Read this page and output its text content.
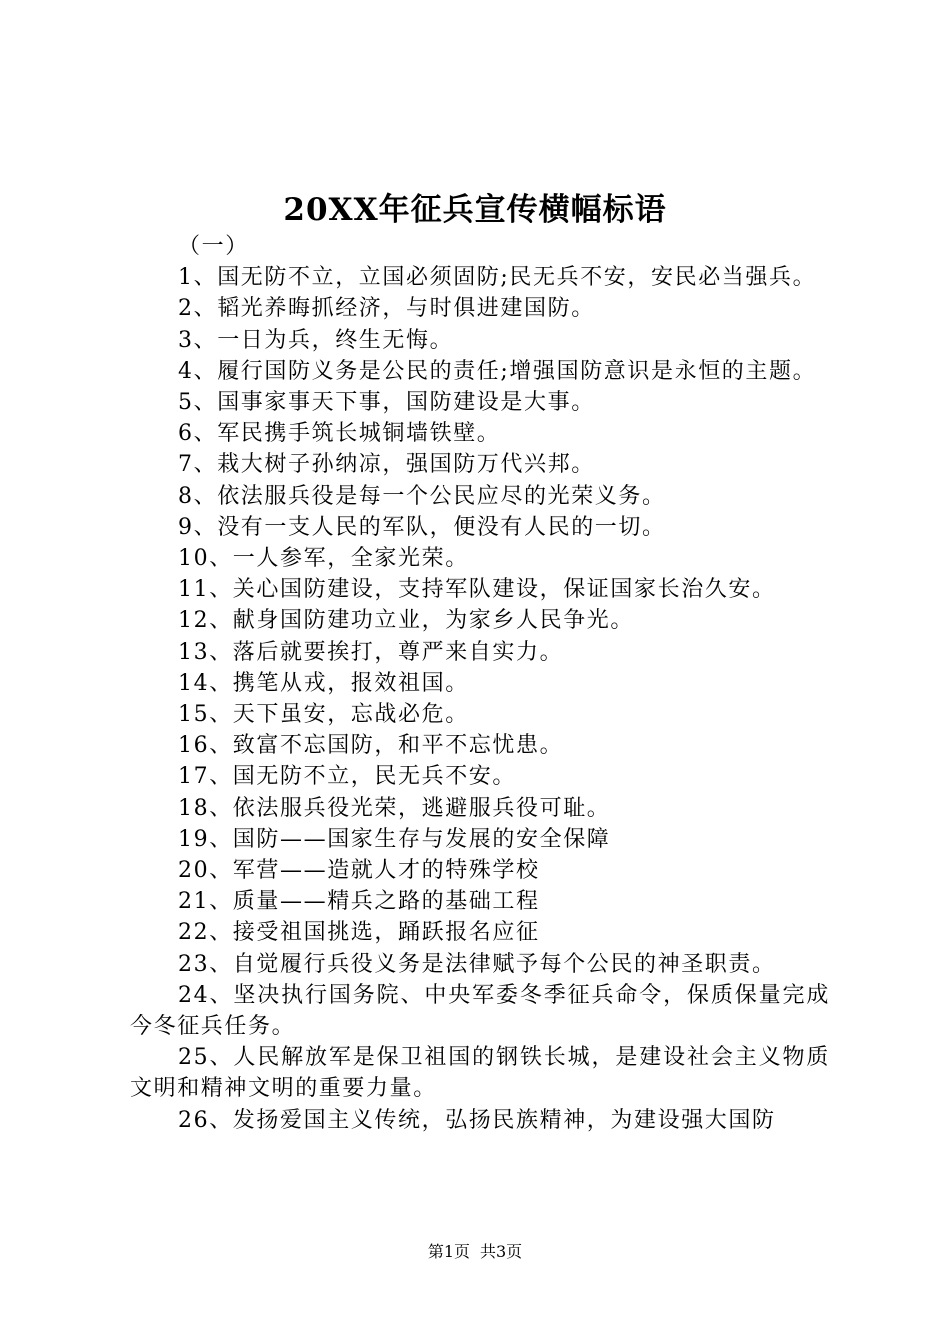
20XX年征兵宣传横幅标语

（一）

1、国无防不立，立国必须固防;民无兵不安，安民必当强兵。

2、韬光养晦抓经济，与时俱进建国防。

3、一日为兵，终生无悔。

4、履行国防义务是公民的责任;增强国防意识是永恒的主题。

5、国事家事天下事，国防建设是大事。

6、军民携手筑长城铜墙铁壁。

7、栽大树子孙纳凉，强国防万代兴邦。

8、依法服兵役是每一个公民应尽的光荣义务。

9、没有一支人民的军队，便没有人民的一切。

10、一人参军，全家光荣。

11、关心国防建设，支持军队建设，保证国家长治久安。

12、献身国防建功立业，为家乡人民争光。

13、落后就要挨打，尊严来自实力。

14、携笔从戎，报效祖国。

15、天下虽安，忘战必危。

16、致富不忘国防，和平不忘忧患。

17、国无防不立，民无兵不安。

18、依法服兵役光荣，逃避服兵役可耻。

19、国防——国家生存与发展的安全保障

20、军营——造就人才的特殊学校

21、质量——精兵之路的基础工程

22、接受祖国挑选，踊跃报名应征

23、自觉履行兵役义务是法律赋予每个公民的神圣职责。

24、坚决执行国务院、中央军委冬季征兵命令，保质保量完成今冬征兵任务。

25、人民解放军是保卫祖国的钢铁长城，是建设社会主义物质文明和精神文明的重要力量。

26、发扬爱国主义传统，弘扬民族精神，为建设强大国防

第1页 共3页
